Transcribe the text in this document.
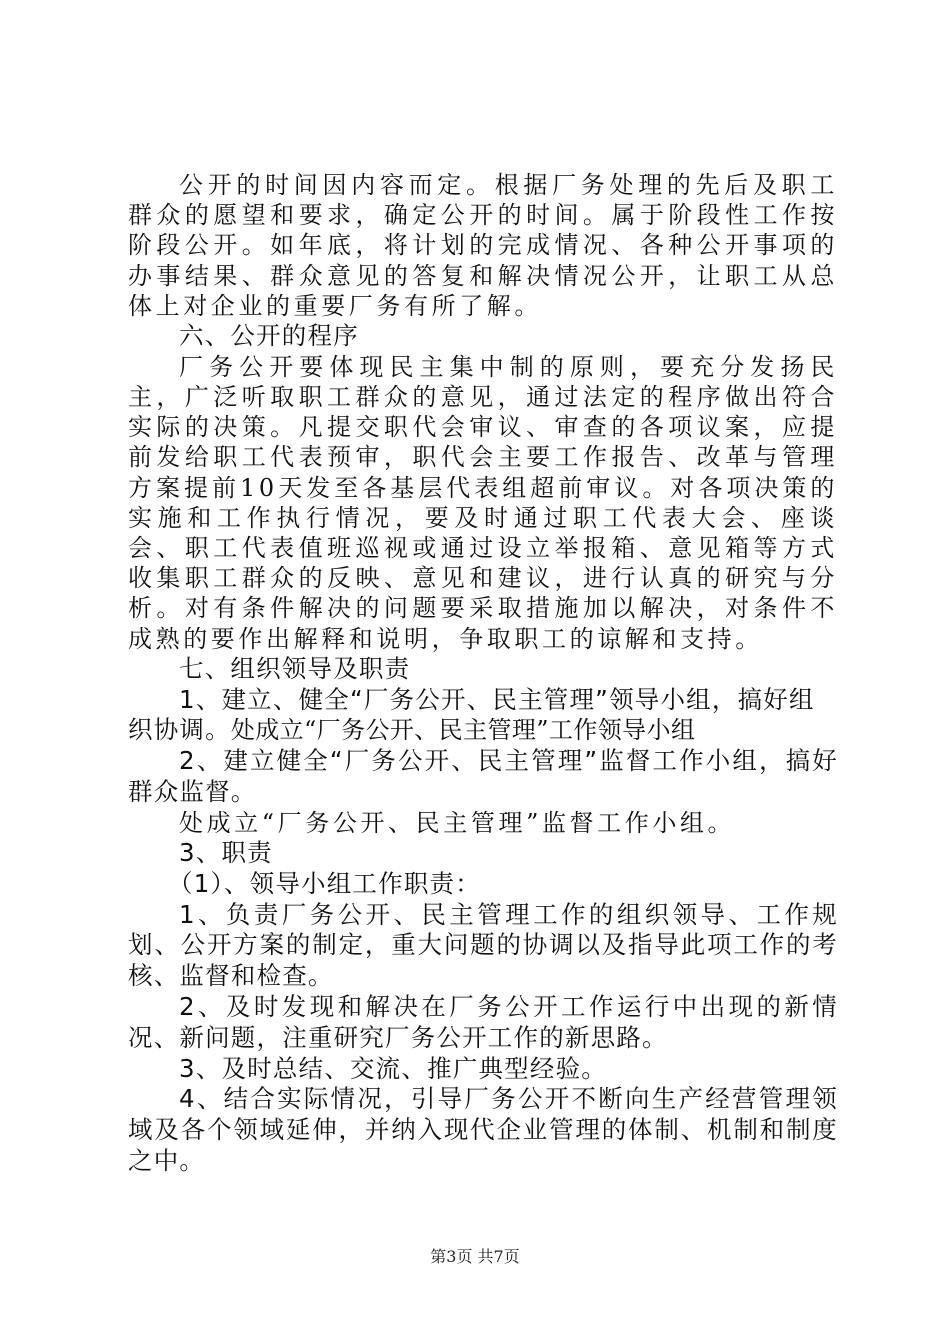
公开的时间因内容而定。根据厂务处理的先后及职工群众的愿望和要求，确定公开的时间。属于阶段性工作按阶段公开。如年底，将计划的完成情况、各种公开事项的办事结果、群众意见的答复和解决情况公开，让职工从总体上对企业的重要厂务有所了解。

六、公开的程序

厂务公开要体现民主集中制的原则，要充分发扬民主，广泛听取职工群众的意见，通过法定的程序做出符合实际的决策。凡提交职代会审议、审查的各项议案，应提前发给职工代表预审，职代会主要工作报告、改革与管理方案提前10天发至各基层代表组超前审议。对各项决策的实施和工作执行情况，要及时通过职工代表大会、座谈会、职工代表值班巡视或通过设立举报箱、意见箱等方式收集职工群众的反映、意见和建议，进行认真的研究与分析。对有条件解决的问题要采取措施加以解决，对条件不成熟的要作出解释和说明，争取职工的谅解和支持。

七、组织领导及职责

1、建立、健全“厂务公开、民主管理”领导小组，搞好组

织协调。处成立“厂务公开、民主管理”工作领导小组

2、建立健全“厂务公开、民主管理”监督工作小组，搞好群众监督。

处成立“厂务公开、民主管理”监督工作小组。

3、职责

（1）、领导小组工作职责：

1、负责厂务公开、民主管理工作的组织领导、工作规划、公开方案的制定，重大问题的协调以及指导此项工作的考核、监督和检查。

2、及时发现和解决在厂务公开工作运行中出现的新情况、新问题，注重研究厂务公开工作的新思路。

3、及时总结、交流、推广典型经验。

4、结合实际情况，引导厂务公开不断向生产经营管理领域及各个领域延伸，并纳入现代企业管理的体制、机制和制度之中。

第3页 共7页
